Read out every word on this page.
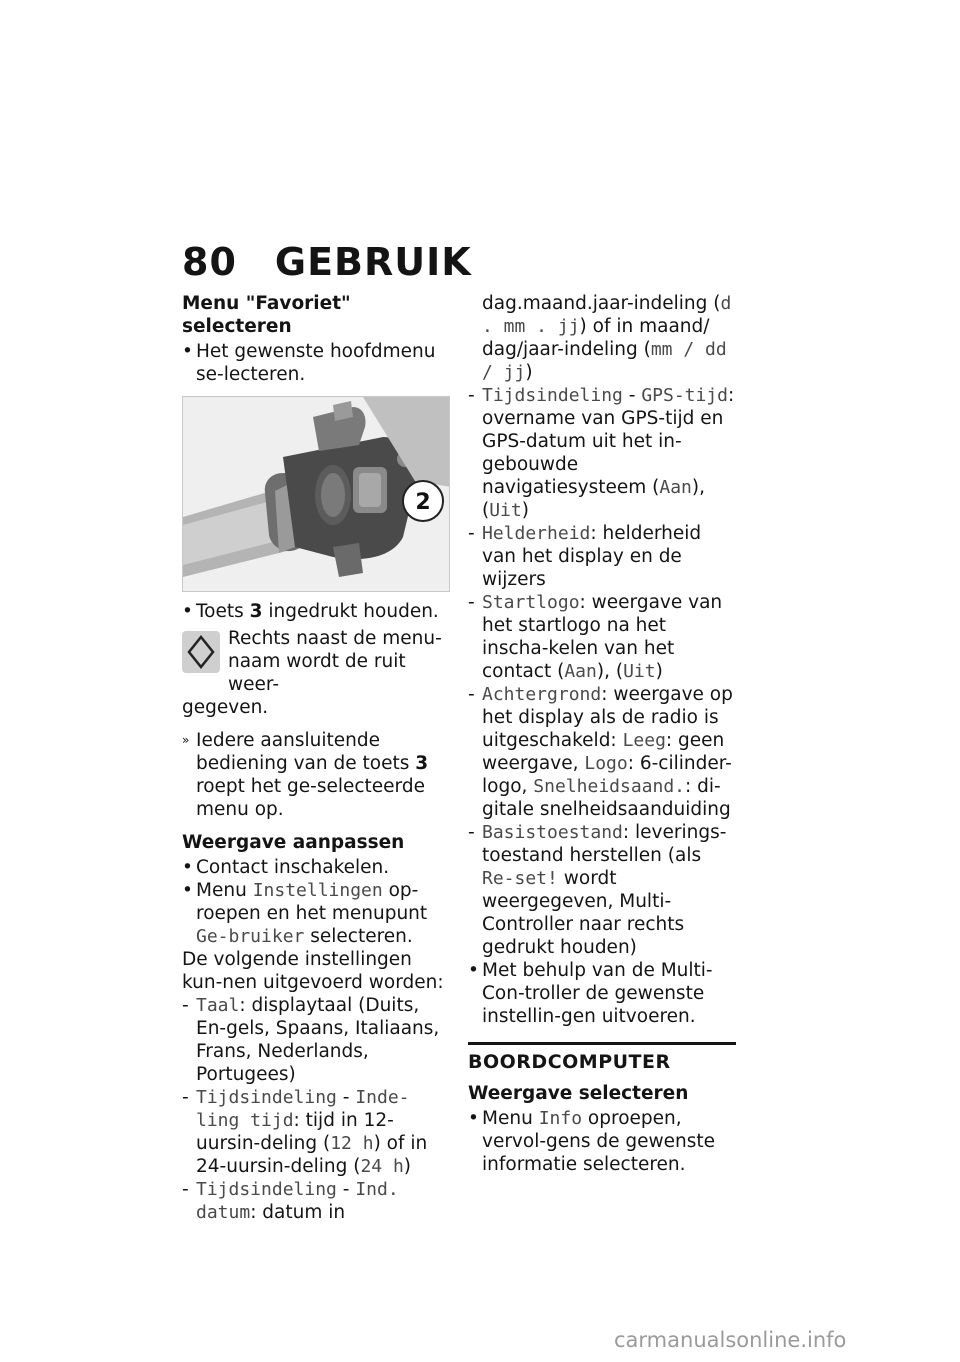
80 GEBRUIK

Menu "Favoriet" selecteren

• Het gewenste hoofdmenu se-lecteren.

2

• Toets 3 ingedrukt houden.

Rechts naast de menu-naam wordt de ruit weer-

gegeven.

» Iedere aansluitende bediening van de toets 3 roept het ge-selecteerde menu op.

Weergave aanpassen

• Contact inschakelen.

• Menu Instellingen op-roepen en het menupunt Ge-bruiker selecteren.

De volgende instellingen kun-nen uitgevoerd worden:

- Taal: displaytaal (Duits, En-gels, Spaans, Italiaans, Frans, Nederlands, Portugees)

- Tijdsindeling - Inde-ling tijd: tijd in 12-uursin-deling (12 h) of in 24-uursin-deling (24 h)

- Tijdsindeling - Ind. datum: datum in

dag.maand.jaar-indeling (d . mm . jj) of in maand/ dag/jaar-indeling (mm / dd / jj)

- Tijdsindeling - GPS-tijd: overname van GPS-tijd en GPS-datum uit het in-gebouwde navigatiesysteem (Aan), (Uit)

- Helderheid: helderheid van het display en de wijzers

- Startlogo: weergave van het startlogo na het inscha-kelen van het contact (Aan), (Uit)

- Achtergrond: weergave op het display als de radio is uitgeschakeld: Leeg: geen weergave, Logo: 6-cilinder-logo, Snelheidsaand.: di-gitale snelheidsaanduiding

- Basistoestand: leverings-toestand herstellen (als Re-set! wordt weergegeven, Multi-Controller naar rechts gedrukt houden)

• Met behulp van de Multi-Con-troller de gewenste instellin-gen uitvoeren.

BOORDCOMPUTER

Weergave selecteren

• Menu Info oproepen, vervol-gens de gewenste informatie selecteren.

carmanualsonline.info
